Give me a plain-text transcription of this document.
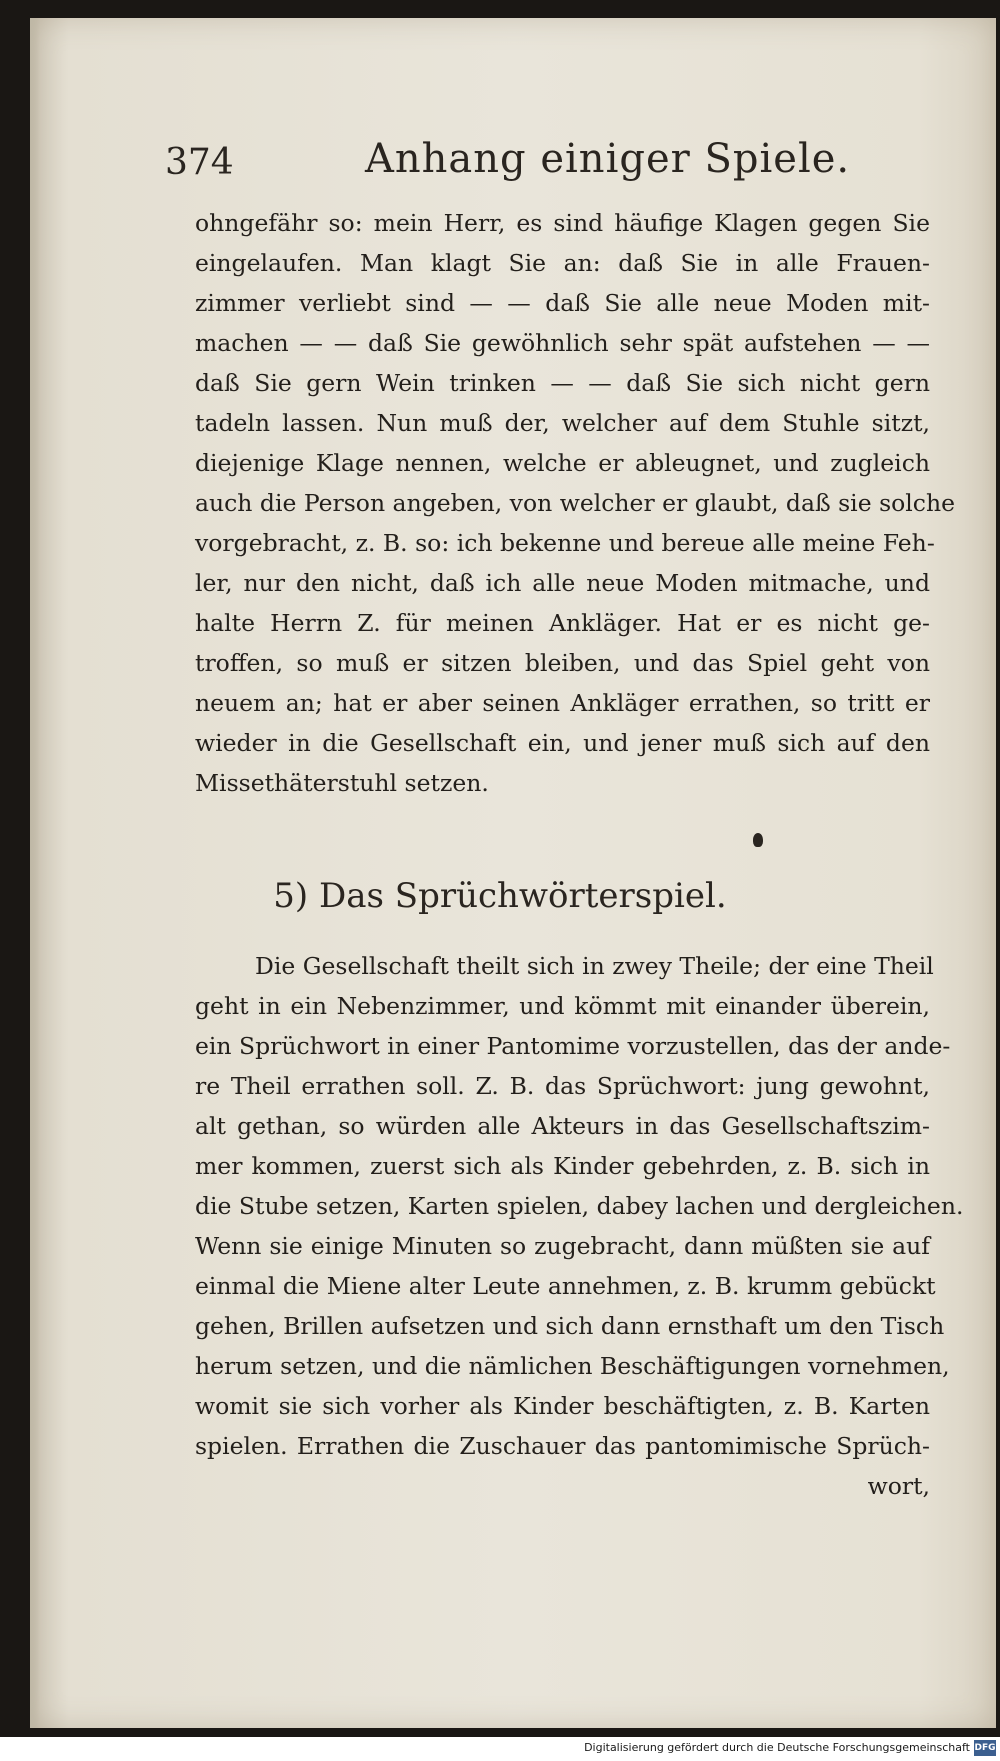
374	Anhang einiger Spiele.
ohngefähr so: mein Herr, es sind häufige Klagen gegen Sie
eingelaufen. Man klagt Sie an: daß Sie in alle Frauen-
zimmer verliebt sind — — daß Sie alle neue Moden mit-
machen — — daß Sie gewöhnlich sehr spät aufstehen — —
daß Sie gern Wein trinken — — daß Sie sich nicht gern
tadeln lassen. Nun muß der, welcher auf dem Stuhle sitzt,
diejenige Klage nennen, welche er ableugnet, und zugleich
auch die Person angeben, von welcher er glaubt, daß sie solche
vorgebracht, z. B. so: ich bekenne und bereue alle meine Feh-
ler, nur den nicht, daß ich alle neue Moden mitmache, und
halte Herrn Z. für meinen Ankläger. Hat er es nicht ge-
troffen, so muß er sitzen bleiben, und das Spiel geht von
neuem an; hat er aber seinen Ankläger errathen, so tritt er
wieder in die Gesellschaft ein, und jener muß sich auf den
Missethäterstuhl setzen.
5) Das Sprüchwörterspiel.
Die Gesellschaft theilt sich in zwey Theile; der eine Theil
geht in ein Nebenzimmer, und kömmt mit einander überein,
ein Sprüchwort in einer Pantomime vorzustellen, das der ande-
re Theil errathen soll. Z. B. das Sprüchwort: jung gewohnt,
alt gethan, so würden alle Akteurs in das Gesellschaftszim-
mer kommen, zuerst sich als Kinder gebehrden, z. B. sich in
die Stube setzen, Karten spielen, dabey lachen und dergleichen.
Wenn sie einige Minuten so zugebracht, dann müßten sie auf
einmal die Miene alter Leute annehmen, z. B. krumm gebückt
gehen, Brillen aufsetzen und sich dann ernsthaft um den Tisch
herum setzen, und die nämlichen Beschäftigungen vornehmen,
womit sie sich vorher als Kinder beschäftigten, z. B. Karten
spielen. Errathen die Zuschauer das pantomimische Sprüch-
wort,
Digitalisierung gefördert durch die Deutsche Forschungsgemeinschaft DFG
